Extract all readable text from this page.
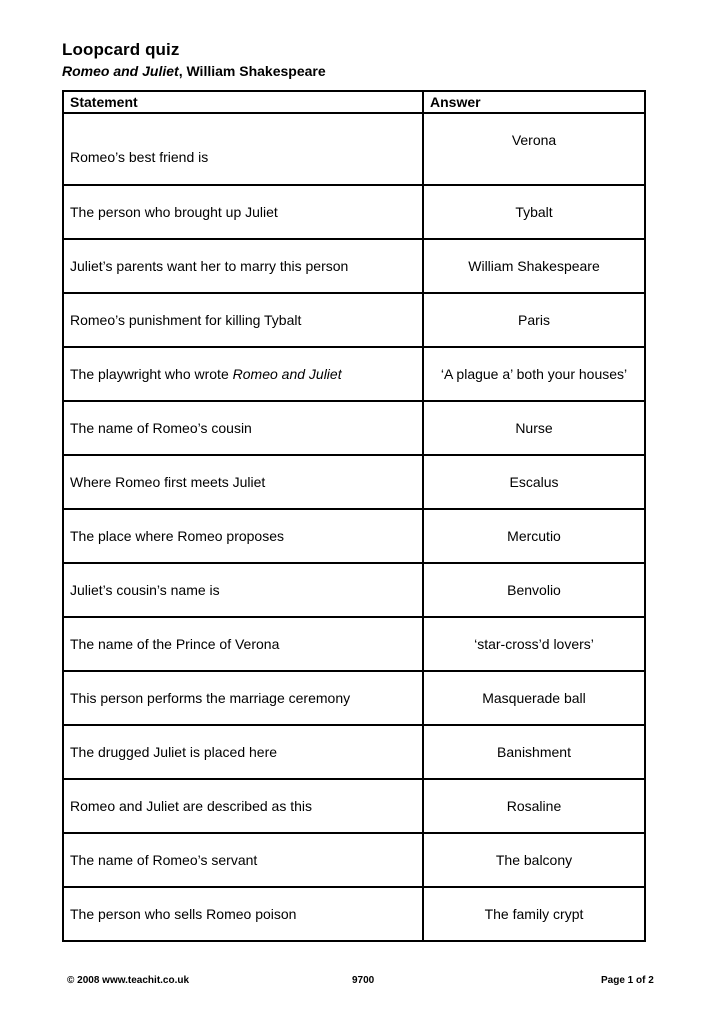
Loopcard quiz
Romeo and Juliet, William Shakespeare
Statement	Answer
Romeo’s best friend is	Verona
The person who brought up Juliet	Tybalt
Juliet’s parents want her to marry this person	William Shakespeare
Romeo’s punishment for killing Tybalt	Paris
The playwright who wrote Romeo and Juliet	‘A plague a’ both your houses’
The name of Romeo’s cousin	Nurse
Where Romeo first meets Juliet	Escalus
The place where Romeo proposes	Mercutio
Juliet’s cousin’s name is	Benvolio
The name of the Prince of Verona	‘star-cross’d lovers’
This person performs the marriage ceremony	Masquerade ball
The drugged Juliet is placed here	Banishment
Romeo and Juliet are described as this	Rosaline
The name of Romeo’s servant	The balcony
The person who sells Romeo poison	The family crypt
© 2008 www.teachit.co.uk	9700	Page 1 of 2
